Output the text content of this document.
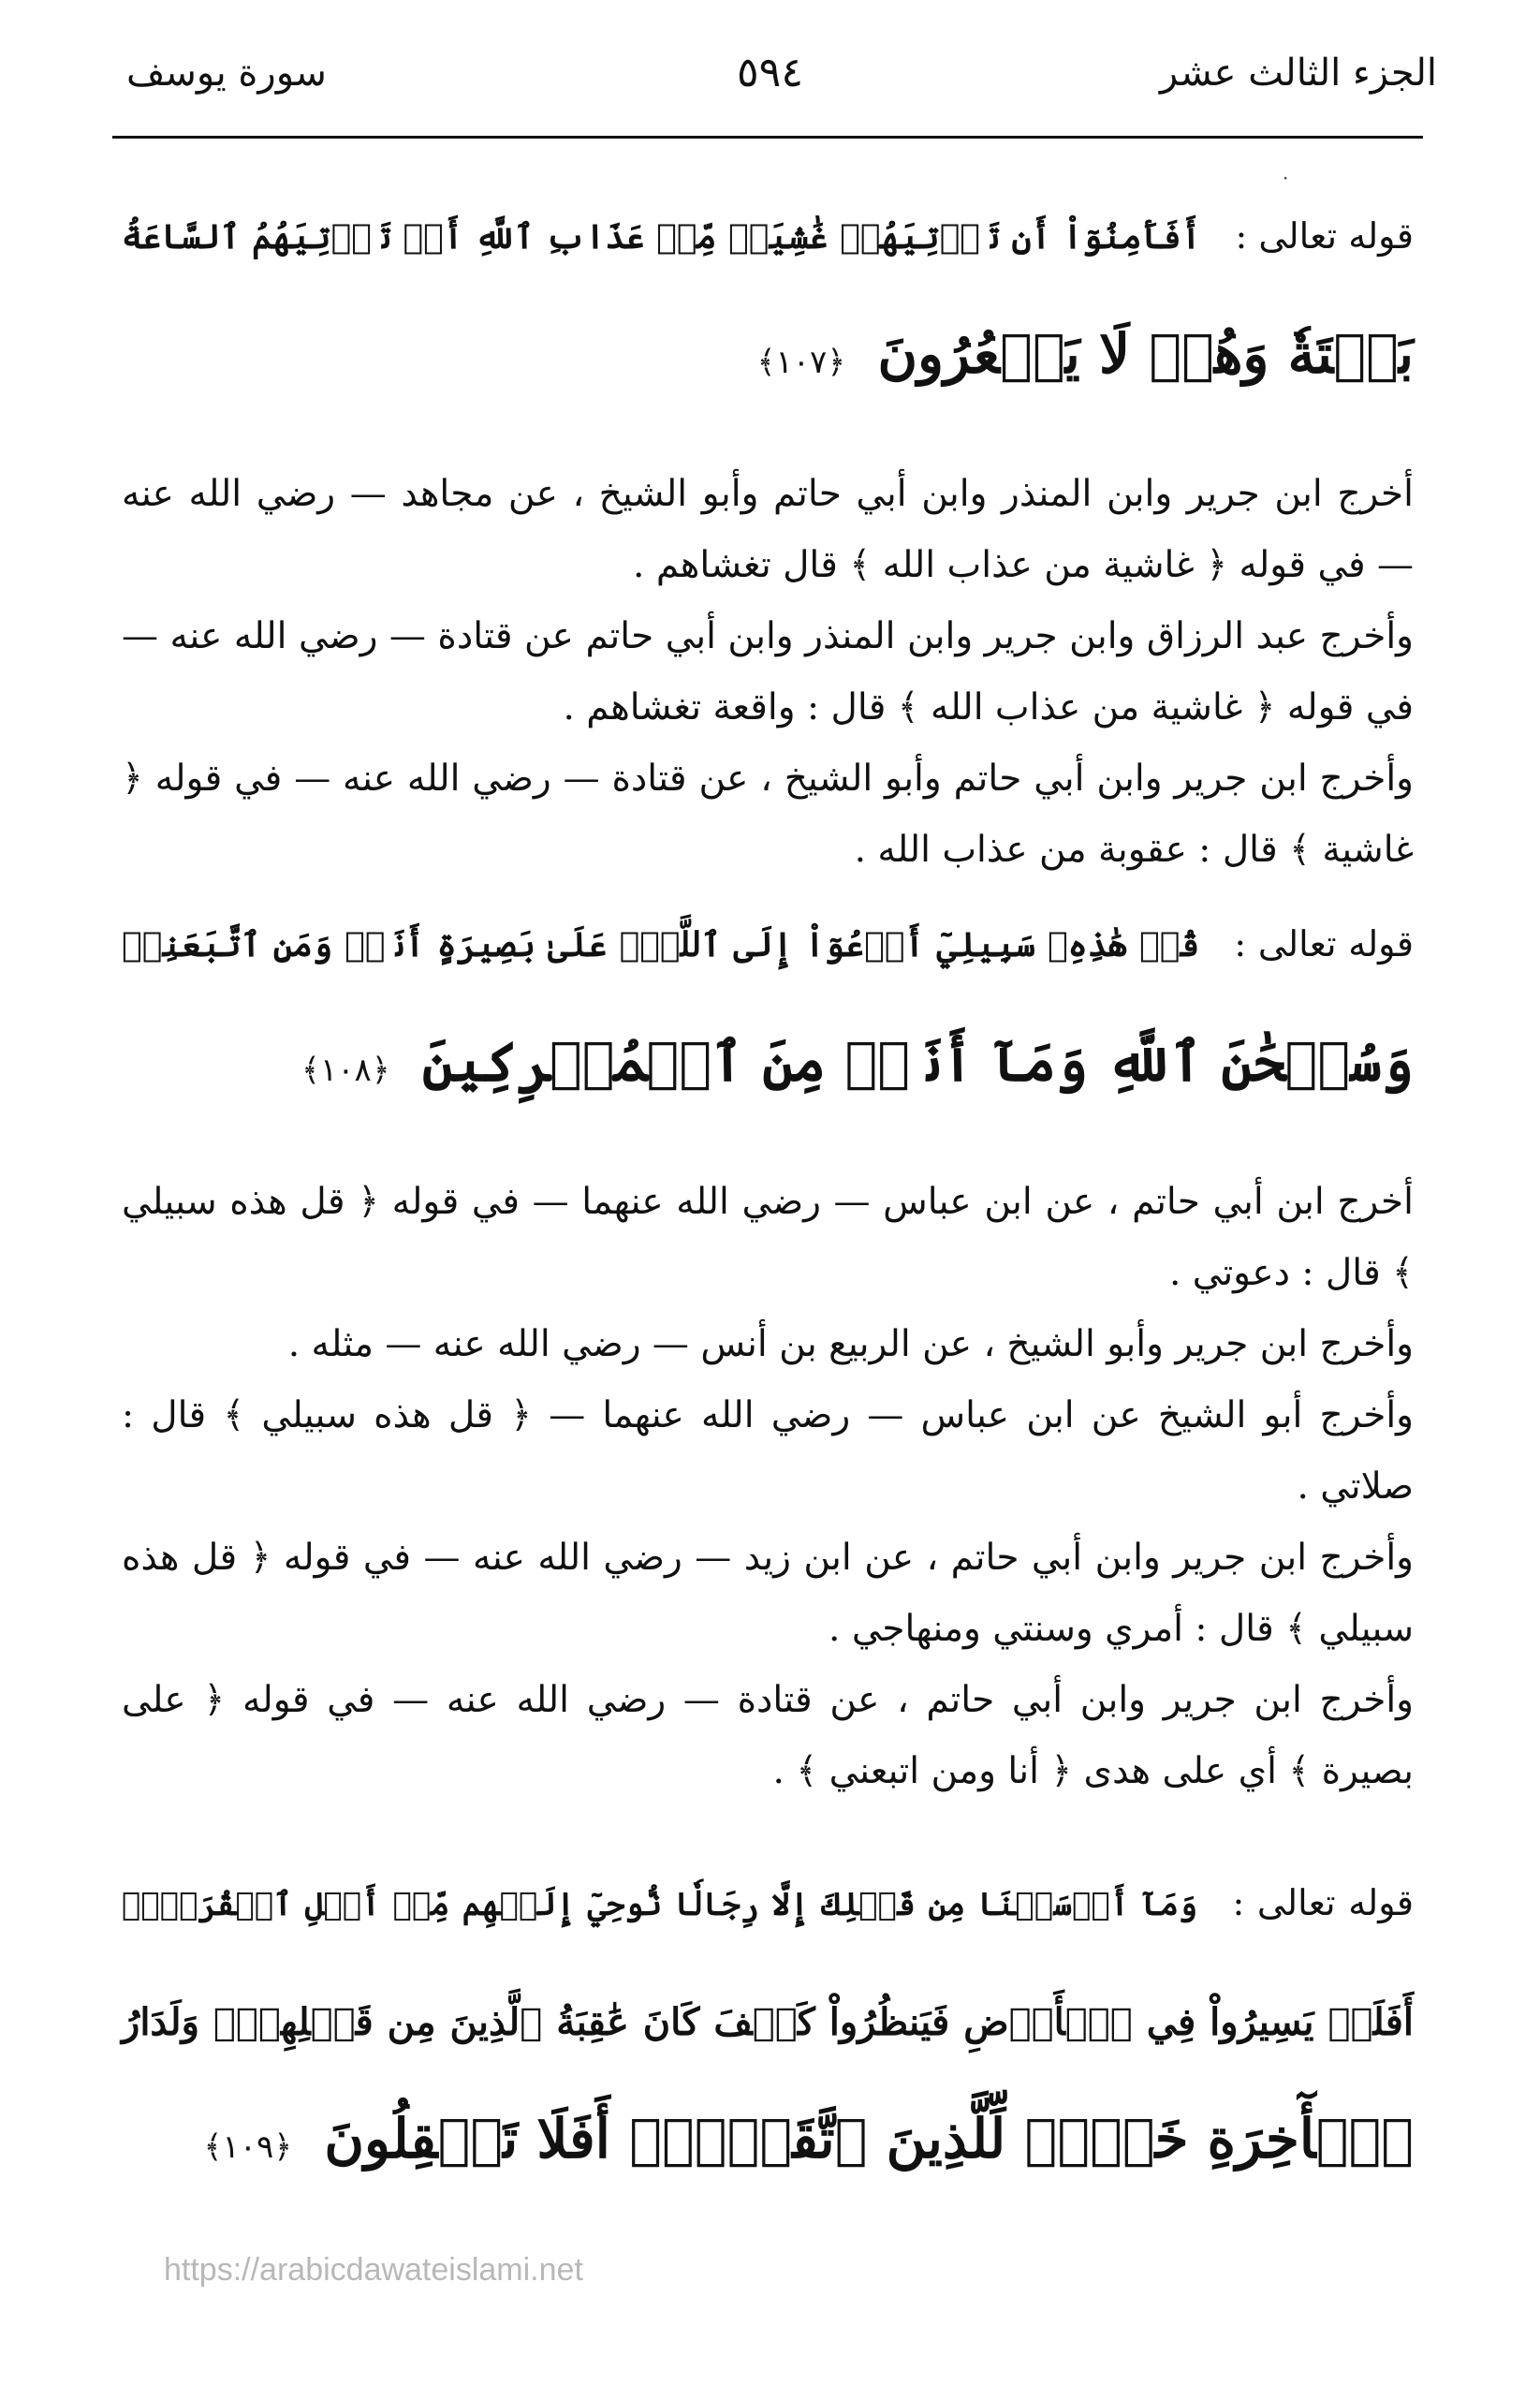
الجزء الثالث عشر
٥٩٤
سورة يوسف
·
قوله تعالى : أَفَأَمِنُوٓاْ أَن تَأۡتِيَهُمۡ غَٰشِيَةٞ مِّنۡ عَذَابِ ٱللَّهِ أَوۡ تَأۡتِيَهُمُ ٱلسَّاعَةُ
بَغۡتَةٗ وَهُمۡ لَا يَشۡعُرُونَ ﴿١٠٧﴾

أخرج ابن جرير وابن المنذر وابن أبي حاتم وأبو الشيخ ، عن مجاهد — رضي الله عنه — في قوله ﴿ غاشية من عذاب الله ﴾ قال تغشاهم .

وأخرج عبد الرزاق وابن جرير وابن المنذر وابن أبي حاتم عن قتادة — رضي الله عنه — في قوله ﴿ غاشية من عذاب الله ﴾ قال : واقعة تغشاهم .

وأخرج ابن جرير وابن أبي حاتم وأبو الشيخ ، عن قتادة — رضي الله عنه — في قوله ﴿ غاشية ﴾ قال : عقوبة من عذاب الله .

قوله تعالى : قُلۡ هَٰذِهِۦ سَبِيلِيٓ أَدۡعُوٓاْ إِلَى ٱللَّهِۚ عَلَىٰ بَصِيرَةٍ أَنَا۠ وَمَنِ ٱتَّبَعَنِيۖ
وَسُبۡحَٰنَ ٱللَّهِ وَمَآ أَنَا۠ مِنَ ٱلۡمُشۡرِكِينَ ﴿١٠٨﴾

أخرج ابن أبي حاتم ، عن ابن عباس — رضي الله عنهما — في قوله ﴿ قل هذه سبيلي ﴾ قال : دعوتي .

وأخرج ابن جرير وأبو الشيخ ، عن الربيع بن أنس — رضي الله عنه — مثله .

وأخرج أبو الشيخ عن ابن عباس — رضي الله عنهما — ﴿ قل هذه سبيلي ﴾ قال : صلاتي .

وأخرج ابن جرير وابن أبي حاتم ، عن ابن زيد — رضي الله عنه — في قوله ﴿ قل هذه سبيلي ﴾ قال : أمري وسنتي ومنهاجي .

وأخرج ابن جرير وابن أبي حاتم ، عن قتادة — رضي الله عنه — في قوله ﴿ على بصيرة ﴾ أي على هدى ﴿ أنا ومن اتبعني ﴾ .

قوله تعالى : وَمَآ أَرۡسَلۡنَا مِن قَبۡلِكَ إِلَّا رِجَالٗا نُّوحِيٓ إِلَيۡهِم مِّنۡ أَهۡلِ ٱلۡقُرَىٰٓۗ
أَفَلَمۡ يَسِيرُواْ فِي ٱلۡأَرۡضِ فَيَنظُرُواْ كَيۡفَ كَانَ عَٰقِبَةُ ٱلَّذِينَ مِن قَبۡلِهِمۡۗ وَلَدَارُ
ٱلۡأٓخِرَةِ خَيۡرٞ لِّلَّذِينَ ٱتَّقَوۡاْۚ أَفَلَا تَعۡقِلُونَ ﴿١٠٩﴾
https://arabicdawateislami.net
